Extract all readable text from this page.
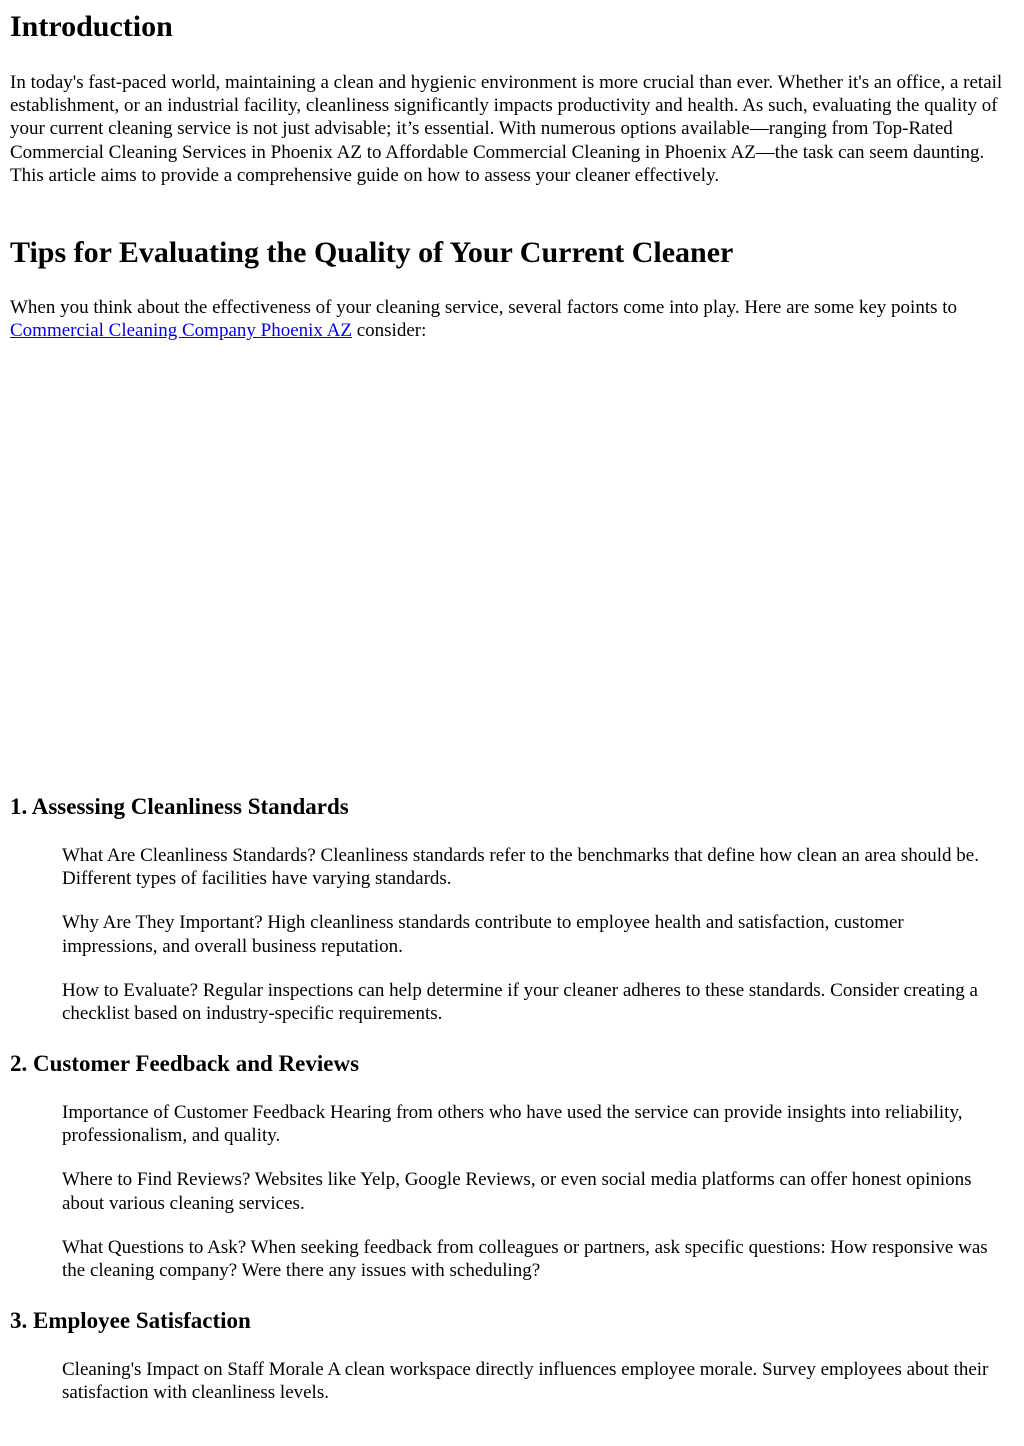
Introduction

In today's fast-paced world, maintaining a clean and hygienic environment is more crucial than ever. Whether it's an office, a retail establishment, or an industrial facility, cleanliness significantly impacts productivity and health. As such, evaluating the quality of your current cleaning service is not just advisable; it’s essential. With numerous options available—ranging from Top-Rated Commercial Cleaning Services in Phoenix AZ to Affordable Commercial Cleaning in Phoenix AZ—the task can seem daunting. This article aims to provide a comprehensive guide on how to assess your cleaner effectively.

Tips for Evaluating the Quality of Your Current Cleaner

When you think about the effectiveness of your cleaning service, several factors come into play. Here are some key points to Commercial Cleaning Company Phoenix AZ consider:

1. Assessing Cleanliness Standards

What Are Cleanliness Standards? Cleanliness standards refer to the benchmarks that define how clean an area should be. Different types of facilities have varying standards.

Why Are They Important? High cleanliness standards contribute to employee health and satisfaction, customer impressions, and overall business reputation.

How to Evaluate? Regular inspections can help determine if your cleaner adheres to these standards. Consider creating a checklist based on industry-specific requirements.

2. Customer Feedback and Reviews

Importance of Customer Feedback Hearing from others who have used the service can provide insights into reliability, professionalism, and quality.

Where to Find Reviews? Websites like Yelp, Google Reviews, or even social media platforms can offer honest opinions about various cleaning services.

What Questions to Ask? When seeking feedback from colleagues or partners, ask specific questions: How responsive was the cleaning company? Were there any issues with scheduling?

3. Employee Satisfaction

Cleaning's Impact on Staff Morale A clean workspace directly influences employee morale. Survey employees about their satisfaction with cleanliness levels.
